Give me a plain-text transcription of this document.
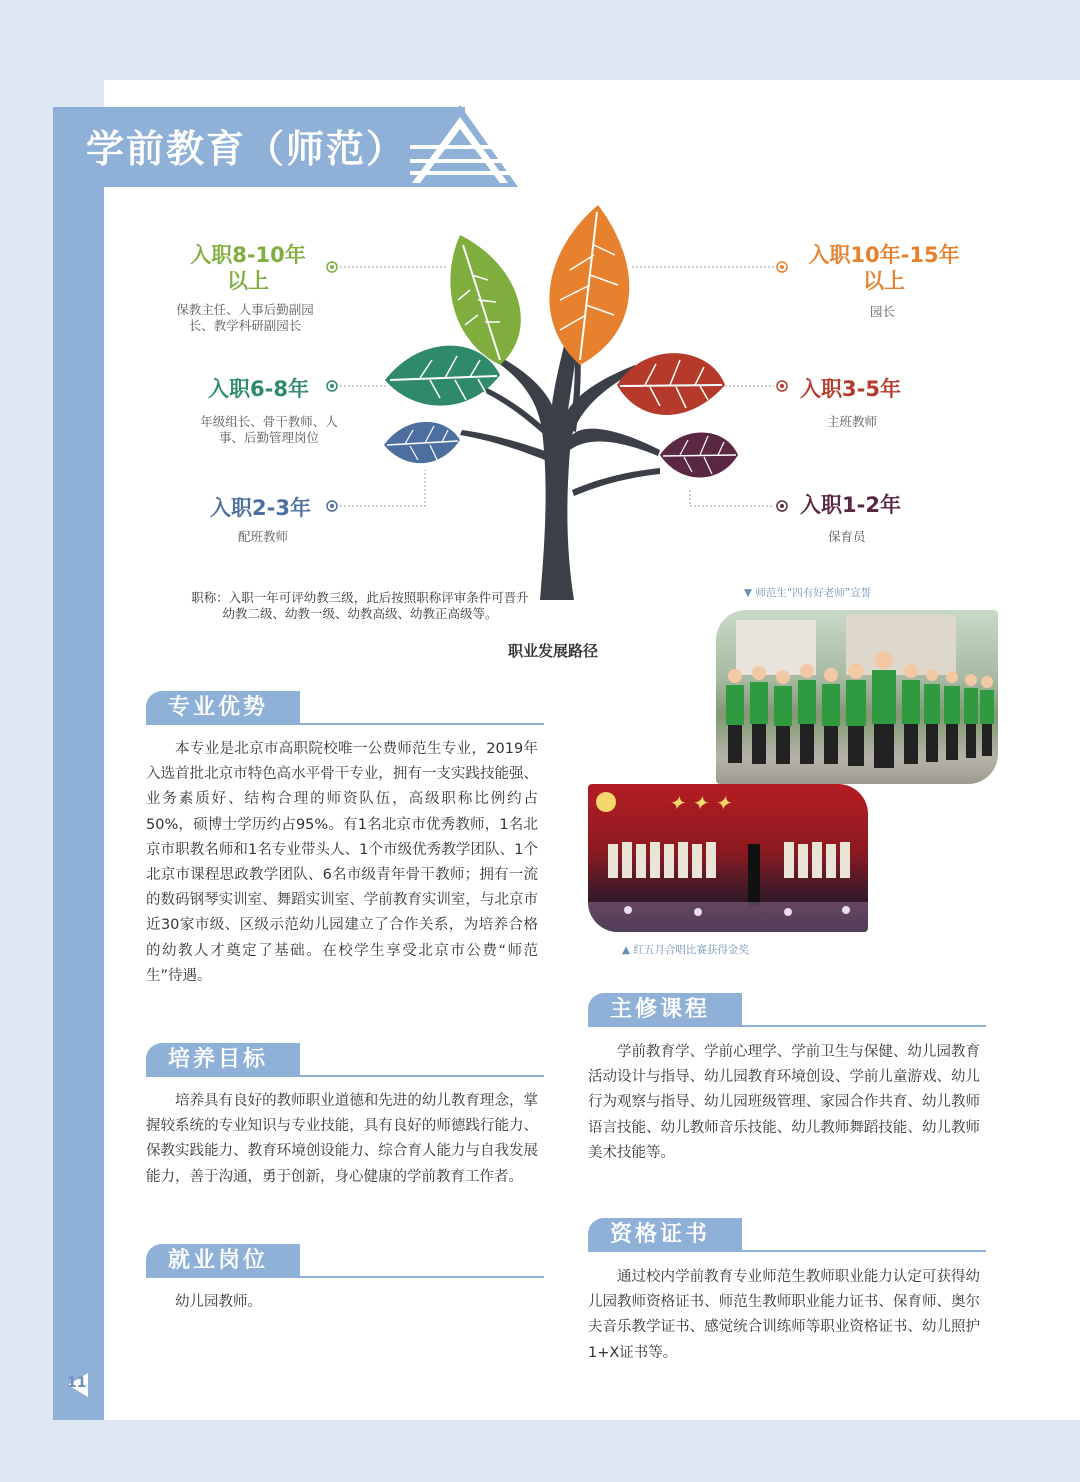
学前教育（师范）
入职8-10年以上
保教主任、人事后勤副园长、教学科研副园长
入职6-8年
年级组长、骨干教师、人事、后勤管理岗位
入职2-3年
配班教师
入职10年-15年以上
园长
入职3-5年
主班教师
入职1-2年
保育员
职称：入职一年可评幼教三级，此后按照职称评审条件可晋升幼教二级、幼教一级、幼教高级、幼教正高级等。
职业发展路径
▼ 师范生“四有好老师”宣誓
✦ ✦ ✦
▲ 红五月合唱比赛获得金奖
专业优势

本专业是北京市高职院校唯一公费师范生专业，2019年入选首批北京市特色高水平骨干专业，拥有一支实践技能强、业务素质好、结构合理的师资队伍，高级职称比例约占50%，硕博士学历约占95%。有1名北京市优秀教师，1名北京市职教名师和1名专业带头人、1个市级优秀教学团队、1个北京市课程思政教学团队、6名市级青年骨干教师；拥有一流的数码钢琴实训室、舞蹈实训室、学前教育实训室，与北京市近30家市级、区级示范幼儿园建立了合作关系，为培养合格的幼教人才奠定了基础。在校学生享受北京市公费“师范生”待遇。

培养目标

培养具有良好的教师职业道德和先进的幼儿教育理念，掌握较系统的专业知识与专业技能，具有良好的师德践行能力、保教实践能力、教育环境创设能力、综合育人能力与自我发展能力，善于沟通，勇于创新，身心健康的学前教育工作者。

就业岗位

幼儿园教师。

主修课程

学前教育学、学前心理学、学前卫生与保健、幼儿园教育活动设计与指导、幼儿园教育环境创设、学前儿童游戏、幼儿行为观察与指导、幼儿园班级管理、家园合作共育、幼儿教师语言技能、幼儿教师音乐技能、幼儿教师舞蹈技能、幼儿教师美术技能等。

资格证书

通过校内学前教育专业师范生教师职业能力认定可获得幼儿园教师资格证书、师范生教师职业能力证书、保育师、奥尔夫音乐教学证书、感觉统合训练师等职业资格证书、幼儿照护1+X证书等。

11
